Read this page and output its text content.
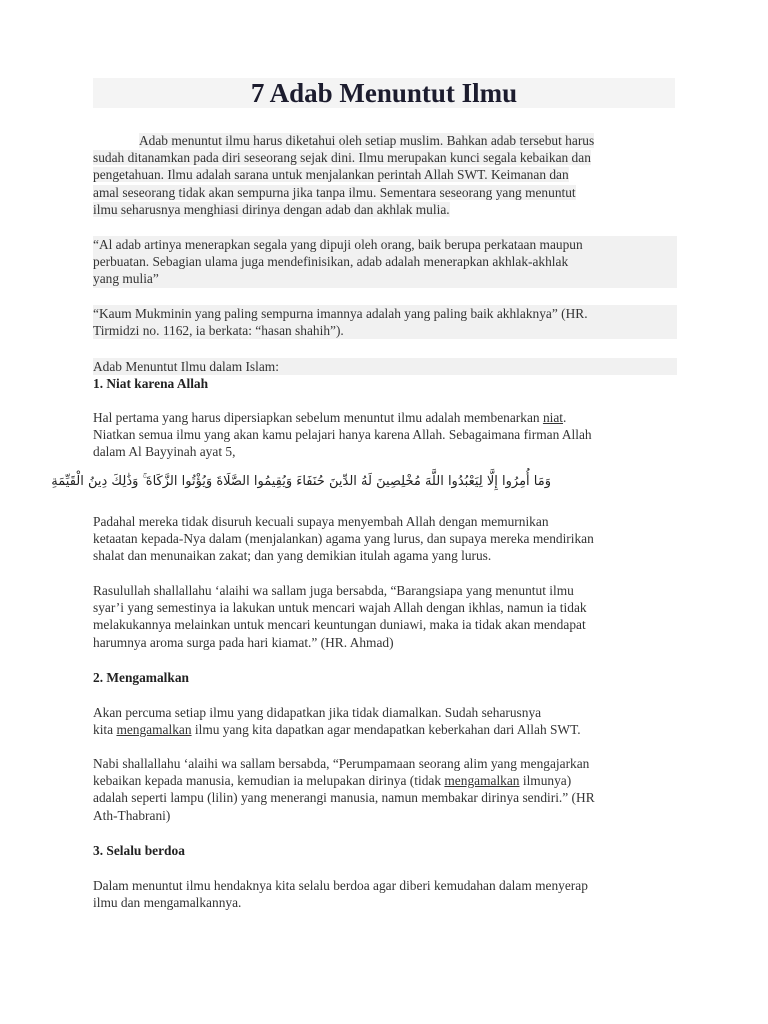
7 Adab Menuntut Ilmu
Adab menuntut ilmu harus diketahui oleh setiap muslim. Bahkan adab tersebut harus
sudah ditanamkan pada diri seseorang sejak dini. Ilmu merupakan kunci segala kebaikan dan
pengetahuan. Ilmu adalah sarana untuk menjalankan perintah Allah SWT. Keimanan dan
amal seseorang tidak akan sempurna jika tanpa ilmu. Sementara seseorang yang menuntut
ilmu seharusnya menghiasi dirinya dengan adab dan akhlak mulia.
“Al adab artinya menerapkan segala yang dipuji oleh orang, baik berupa perkataan maupun
perbuatan. Sebagian ulama juga mendefinisikan, adab adalah menerapkan akhlak-akhlak
yang mulia”
“Kaum Mukminin yang paling sempurna imannya adalah yang paling baik akhlaknya” (HR.
Tirmidzi no. 1162, ia berkata: “hasan shahih”).
Adab Menuntut Ilmu dalam Islam:
1. Niat karena Allah
Hal pertama yang harus dipersiapkan sebelum menuntut ilmu adalah membenarkan niat.
Niatkan semua ilmu yang akan kamu pelajari hanya karena Allah. Sebagaimana firman Allah
dalam Al Bayyinah ayat 5,
وَمَا أُمِرُوا إِلَّا لِيَعْبُدُوا اللَّهَ مُخْلِصِينَ لَهُ الدِّينَ حُنَفَاءَ وَيُقِيمُوا الصَّلَاةَ وَيُؤْتُوا الزَّكَاةَ ۚ وَذَٰلِكَ دِينُ الْقَيِّمَةِ
Padahal mereka tidak disuruh kecuali supaya menyembah Allah dengan memurnikan
ketaatan kepada-Nya dalam (menjalankan) agama yang lurus, dan supaya mereka mendirikan
shalat dan menunaikan zakat; dan yang demikian itulah agama yang lurus.
Rasulullah shallallahu ‘alaihi wa sallam juga bersabda, “Barangsiapa yang menuntut ilmu
syar’i yang semestinya ia lakukan untuk mencari wajah Allah dengan ikhlas, namun ia tidak
melakukannya melainkan untuk mencari keuntungan duniawi, maka ia tidak akan mendapat
harumnya aroma surga pada hari kiamat.” (HR. Ahmad)
2. Mengamalkan
Akan percuma setiap ilmu yang didapatkan jika tidak diamalkan. Sudah seharusnya
kita mengamalkan ilmu yang kita dapatkan agar mendapatkan keberkahan dari Allah SWT.
Nabi shallallahu ‘alaihi wa sallam bersabda, “Perumpamaan seorang alim yang mengajarkan
kebaikan kepada manusia, kemudian ia melupakan dirinya (tidak mengamalkan ilmunya)
adalah seperti lampu (lilin) yang menerangi manusia, namun membakar dirinya sendiri.” (HR
Ath-Thabrani)
3. Selalu berdoa
Dalam menuntut ilmu hendaknya kita selalu berdoa agar diberi kemudahan dalam menyerap
ilmu dan mengamalkannya.
